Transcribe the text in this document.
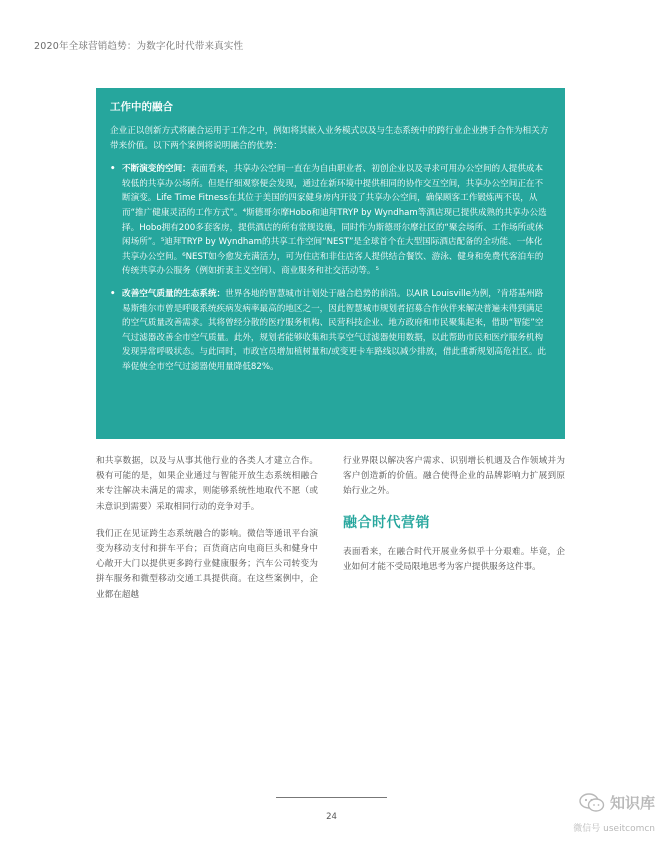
2020年全球营销趋势：为数字化时代带来真实性
工作中的融合

企业正以创新方式将融合运用于工作之中，例如将其嵌入业务模式以及与生态系统中的跨行业企业携手合作为相关方带来价值。以下两个案例将说明融合的优势：

• 不断演变的空间：表面看来，共享办公空间一直在为自由职业者、初创企业以及寻求可用办公空间的人提供成本较低的共享办公场所。但是仔细观察便会发现，通过在新环境中提供相同的协作交互空间，共享办公空间正在不断演变。Life Time Fitness在其位于美国的四家健身房内开设了共享办公空间，确保顾客工作锻炼两不误，从而“推广健康灵活的工作方式”。⁴斯德哥尔摩Hobo和迪拜TRYP by Wyndham等酒店现已提供成熟的共享办公选择。Hobo拥有200多套客房，提供酒店的所有常规设施，同时作为斯德哥尔摩社区的“聚会场所、工作场所或休闲场所”。⁵迪拜TRYP by Wyndham的共享工作空间“NEST”是全球首个在大型国际酒店配备的全功能、一体化共享办公空间。⁶NEST如今愈发充满活力，可为住店和非住店客人提供结合餐饮、游泳、健身和免费代客泊车的传统共享办公服务（例如折衷主义空间）、商业服务和社交活动等。⁵
• 改善空气质量的生态系统：世界各地的智慧城市计划处于融合趋势的前沿。以AIR Louisville为例，⁷肯塔基州路易斯维尔市曾是呼吸系统疾病发病率最高的地区之一，因此智慧城市规划者招募合作伙伴来解决普遍未得到满足的空气质量改善需求。其将曾经分散的医疗服务机构、民营科技企业、地方政府和市民聚集起来，借助“智能”空气过滤器改善全市空气质量。此外，规划者能够收集和共享空气过滤器使用数据，以此帮助市民和医疗服务机构发现异常呼吸状态。与此同时，市政官员增加植树量和/或变更卡车路线以减少排放，借此重新规划高危社区。此举促使全市空气过滤器使用量降低82%。

和共享数据，以及与从事其他行业的各类人才建立合作。极有可能的是，如果企业通过与智能开放生态系统相融合来专注解决未满足的需求，则能够系统性地取代不愿（或未意识到需要）采取相同行动的竞争对手。

我们正在见证跨生态系统融合的影响。微信等通讯平台演变为移动支付和拼车平台；百货商店向电商巨头和健身中心敞开大门以提供更多跨行业健康服务；汽车公司转变为拼车服务和微型移动交通工具提供商。在这些案例中，企业都在超越

行业界限以解决客户需求、识别增长机遇及合作领域并为客户创造新的价值。融合使得企业的品牌影响力扩展到原始行业之外。

融合时代营销

表面看来，在融合时代开展业务似乎十分艰难。毕竟，企业如何才能不受局限地思考为客户提供服务这件事。

24
知识库
微信号 useitcomcn
